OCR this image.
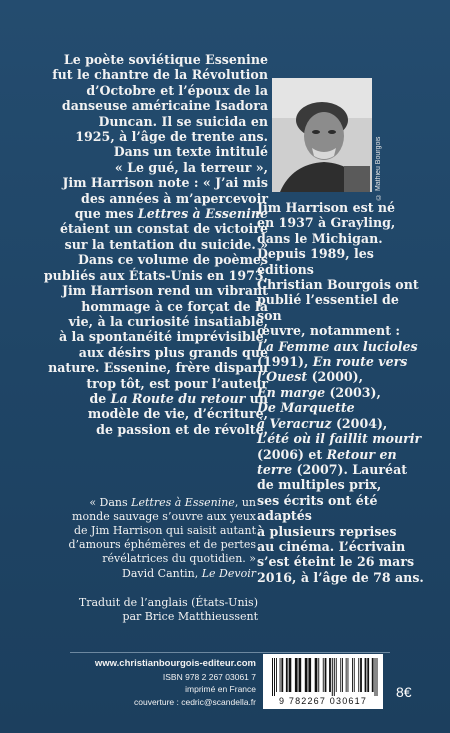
Le poète soviétique Essenine

fut le chantre de la Révolution

d’Octobre et l’époux de la

danseuse américaine Isadora

Duncan. Il se suicida en

1925, à l’âge de trente ans.

Dans un texte intitulé

« Le gué, la terreur »,

Jim Harrison note : « J’ai mis

des années à m’apercevoir

que mes Lettres à Essenine

étaient un constat de victoire

sur la tentation du suicide. »

Dans ce volume de poèmes

publiés aux États-Unis en 1973,

Jim Harrison rend un vibrant

hommage à ce forçat de la

vie, à la curiosité insatiable,

à la spontanéité imprévisible,

aux désirs plus grands que

nature. Essenine, frère disparu

trop tôt, est pour l’auteur

de La Route du retour un

modèle de vie, d’écriture,

de passion et de révolte.

© Mathieu Bourgois

Jim Harrison est né

en 1937 à Grayling,

dans le Michigan.

Depuis 1989, les éditions

Christian Bourgois ont

publié l’essentiel de son

œuvre, notamment :

La Femme aux lucioles

(1991), En route vers

l’Ouest (2000),

En marge (2003),

De Marquette

à Veracruz (2004),

L’été où il faillit mourir

(2006) et Retour en

terre (2007). Lauréat

de multiples prix,

ses écrits ont été adaptés

à plusieurs reprises

au cinéma. L’écrivain

s’est éteint le 26 mars

2016, à l’âge de 78 ans.

« Dans Lettres à Essenine, un

monde sauvage s’ouvre aux yeux

de Jim Harrison qui saisit autant

d’amours éphémères et de pertes

révélatrices du quotidien. »

David Cantin, Le Devoir

Traduit de l’anglais (États-Unis)

par Brice Matthieussent

www.christianbourgois-editeur.com
ISBN 978 2 267 03061 7
imprimé en France
couverture : cedric@scandella.fr	9 782267 030617
8€
